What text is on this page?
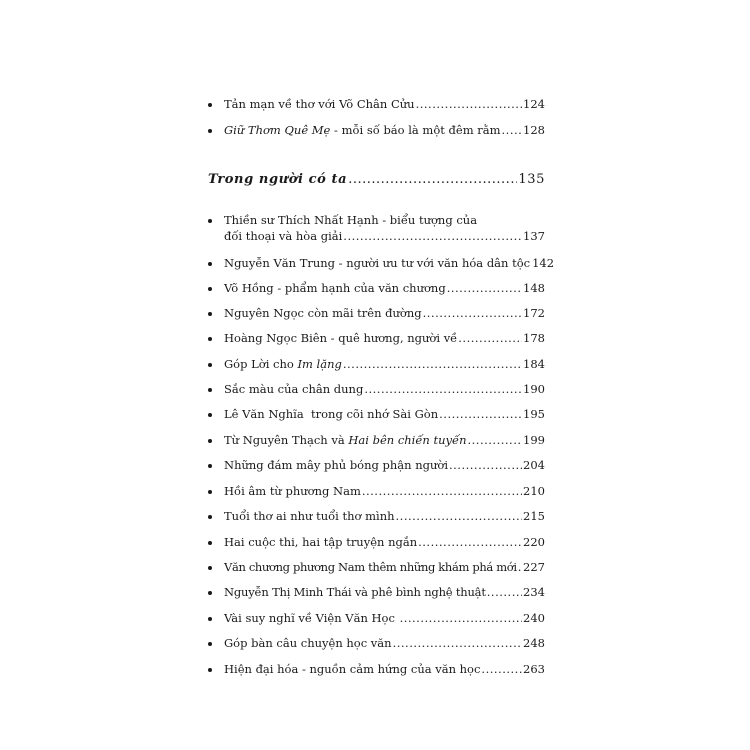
Tản mạn về thơ với Võ Chân Cửu .....	124
Giữ Thơm Quê Mẹ - mỗi số báo là một đêm rằm ..... 128
Trong người có ta .....	135
Thiền sư Thích Nhất Hạnh - biểu tượng của
đối thoại và hòa giải .....	137
Nguyễn Văn Trung - người ưu tư với văn hóa dân tộc 142
Võ Hồng - phẩm hạnh của văn chương .....	148
Nguyên Ngọc còn mãi trên đường .....	172
Hoàng Ngọc Biên - quê hương, người về .....	178
Góp Lời cho Im lặng .....	184
Sắc màu của chân dung .....	190
Lê Văn Nghĩa  trong cõi nhớ Sài Gòn .....	195
Từ Nguyên Thạch và Hai bên chiến tuyến .....	199
Những đám mây phủ bóng phận người .....	204
Hồi âm từ phương Nam .....	210
Tuổi thơ ai như tuổi thơ mình .....	215
Hai cuộc thi, hai tập truyện ngắn .....	220
Văn chương phương Nam thêm những khám phá mới ..... 227
Nguyễn Thị Minh Thái và phê bình nghệ thuật .....	234
Vài suy nghĩ về Viện Văn Học .....	240
Góp bàn câu chuyện học văn .....	248
Hiện đại hóa - nguồn cảm hứng của văn học .....	263
